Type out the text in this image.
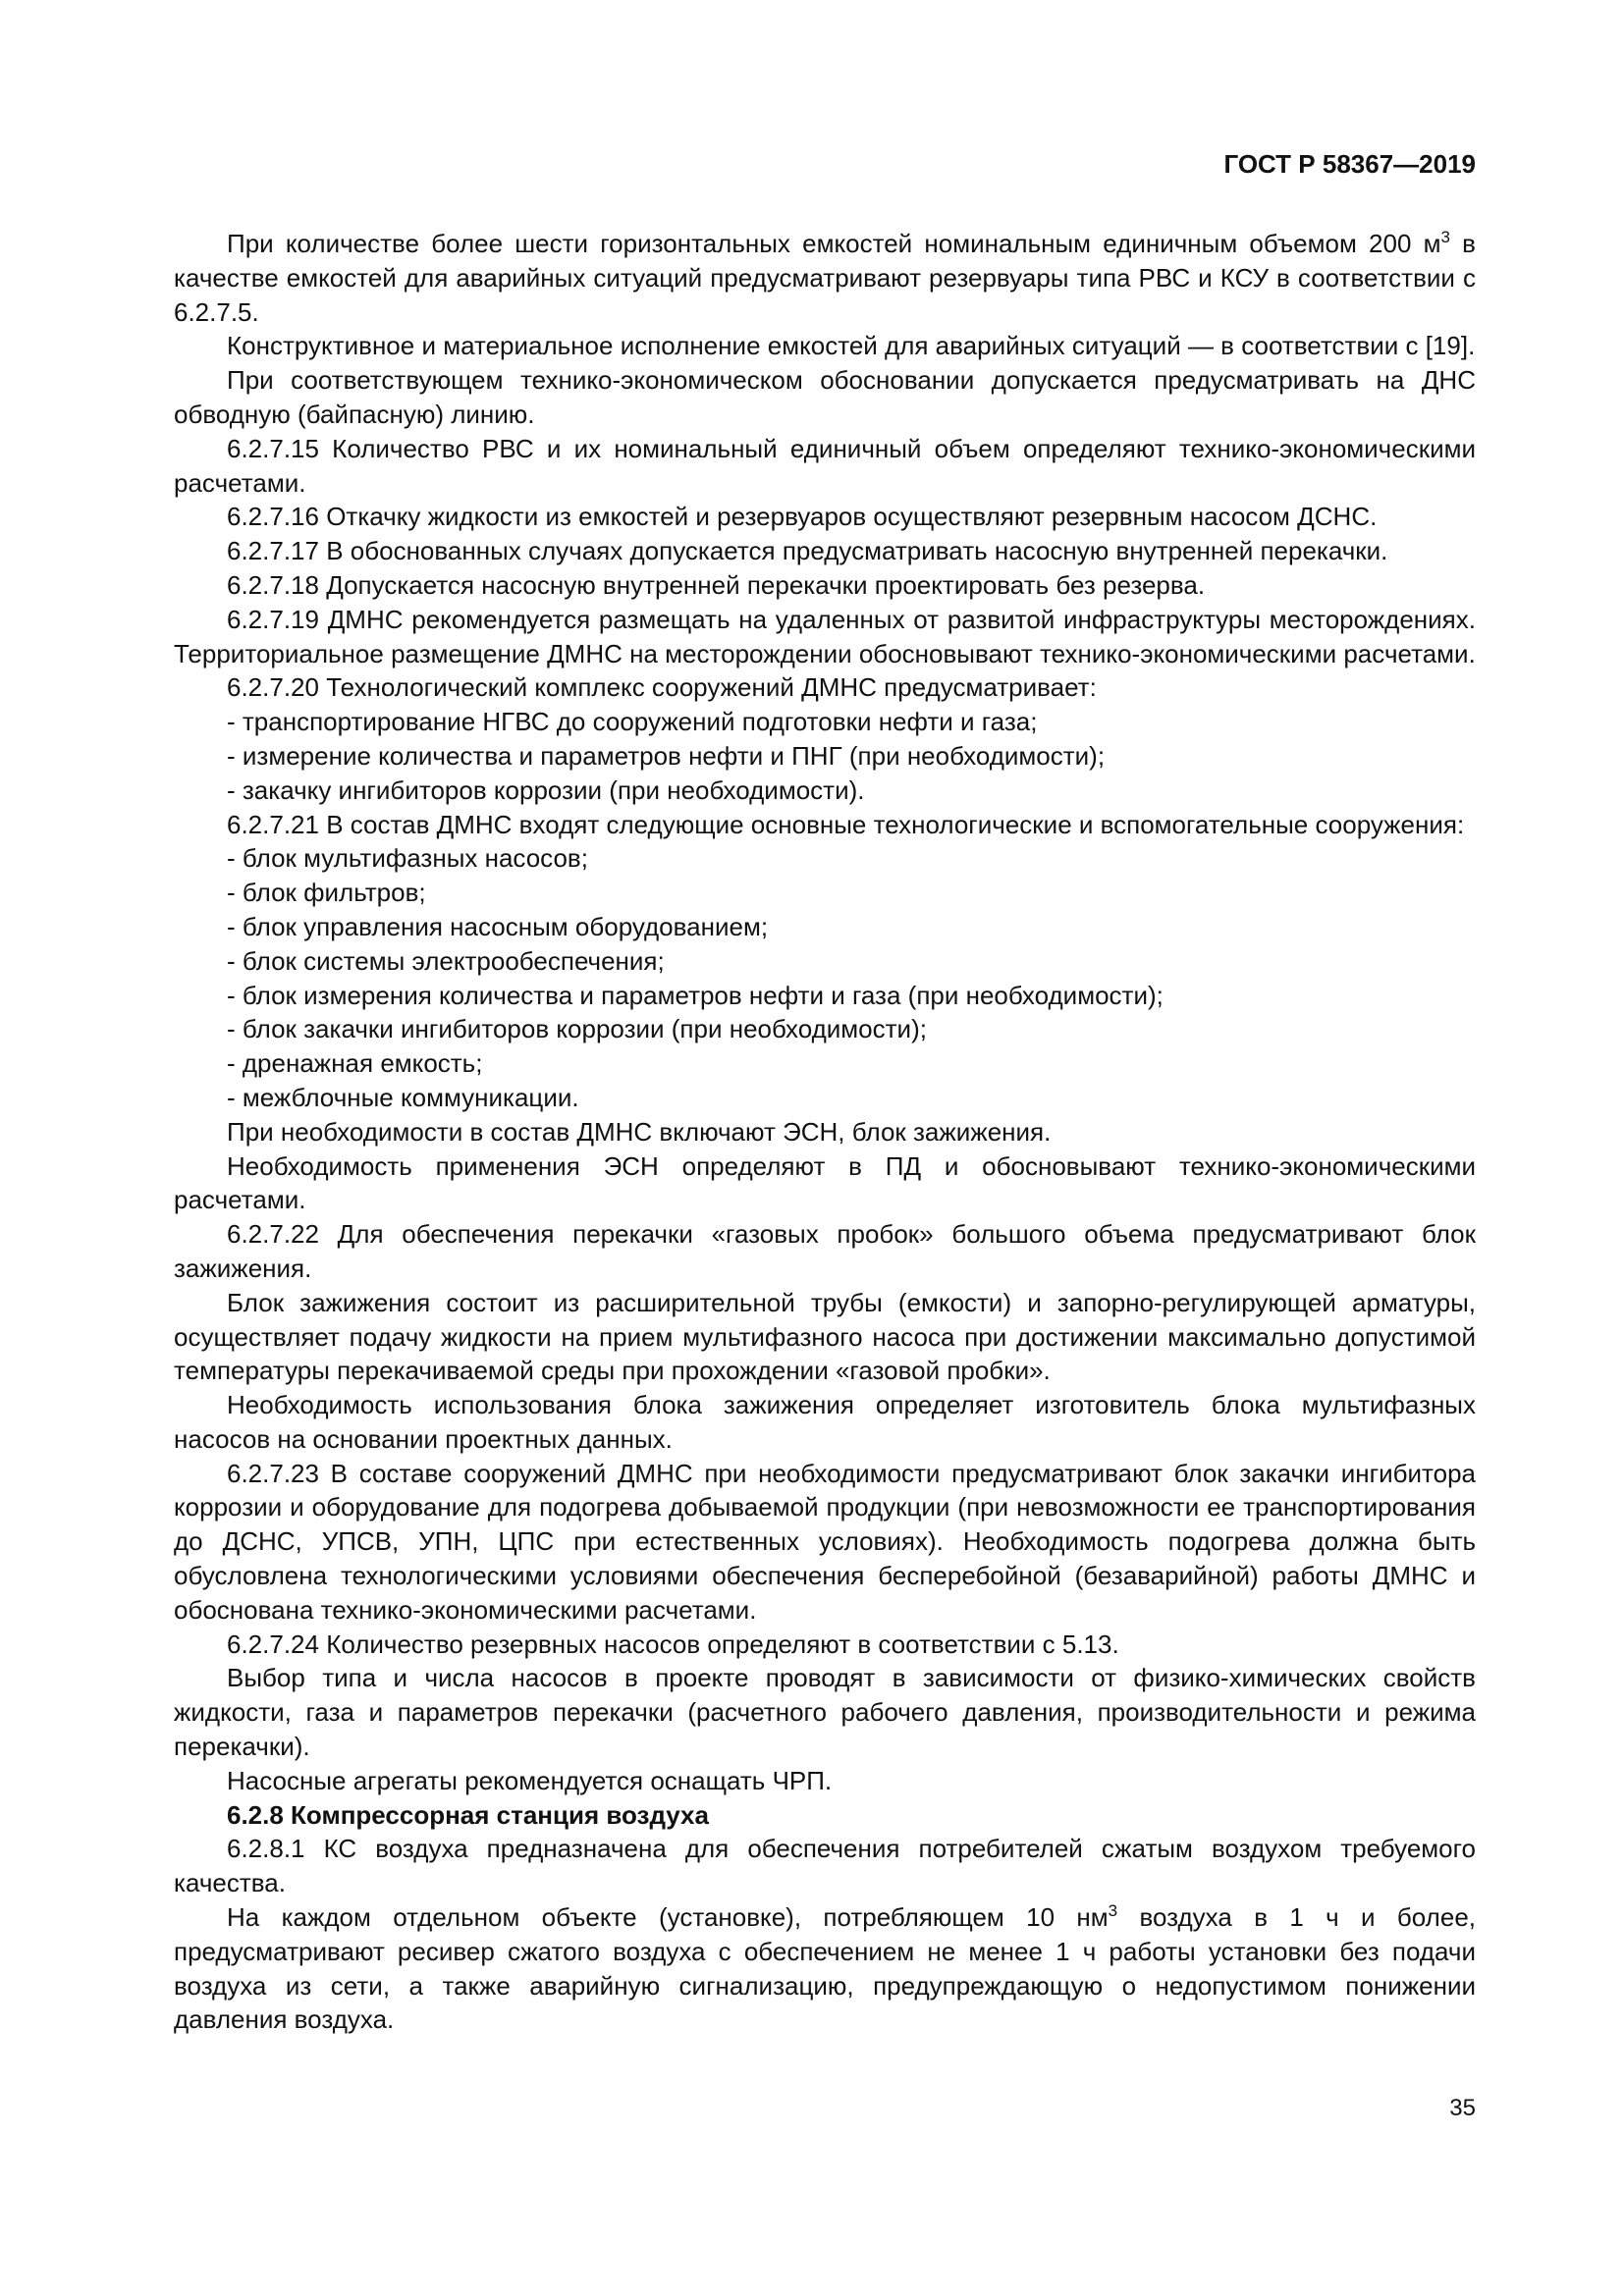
ГОСТ Р 58367—2019

При количестве более шести горизонтальных емкостей номинальным единичным объемом 200 $м^3$ в качестве емкостей для аварийных ситуаций предусматривают резервуары типа РВС и КСУ в соответствии с 6.2.7.5.

Конструктивное и материальное исполнение емкостей для аварийных ситуаций — в соответствии с [19].

При соответствующем технико-экономическом обосновании допускается предусматривать на ДНС обводную (байпасную) линию.

6.2.7.15 Количество РВС и их номинальный единичный объем определяют технико-экономическими расчетами.

6.2.7.16 Откачку жидкости из емкостей и резервуаров осуществляют резервным насосом ДСНС.

6.2.7.17 В обоснованных случаях допускается предусматривать насосную внутренней перекачки.

6.2.7.18 Допускается насосную внутренней перекачки проектировать без резерва.

6.2.7.19 ДМНС рекомендуется размещать на удаленных от развитой инфраструктуры месторождениях. Территориальное размещение ДМНС на месторождении обосновывают технико-экономическими расчетами.

6.2.7.20 Технологический комплекс сооружений ДМНС предусматривает:

- транспортирование НГВС до сооружений подготовки нефти и газа;
- измерение количества и параметров нефти и ПНГ (при необходимости);
- закачку ингибиторов коррозии (при необходимости).

6.2.7.21 В состав ДМНС входят следующие основные технологические и вспомогательные сооружения:

- блок мультифазных насосов;
- блок фильтров;
- блок управления насосным оборудованием;
- блок системы электрообеспечения;
- блок измерения количества и параметров нефти и газа (при необходимости);
- блок закачки ингибиторов коррозии (при необходимости);
- дренажная емкость;
- межблочные коммуникации.

При необходимости в состав ДМНС включают ЭСН, блок зажижения.

Необходимость применения ЭСН определяют в ПД и обосновывают технико-экономическими расчетами.

6.2.7.22 Для обеспечения перекачки «газовых пробок» большого объема предусматривают блок зажижения.

Блок зажижения состоит из расширительной трубы (емкости) и запорно-регулирующей арматуры, осуществляет подачу жидкости на прием мультифазного насоса при достижении максимально допустимой температуры перекачиваемой среды при прохождении «газовой пробки».

Необходимость использования блока зажижения определяет изготовитель блока мультифазных насосов на основании проектных данных.

6.2.7.23 В составе сооружений ДМНС при необходимости предусматривают блок закачки ингибитора коррозии и оборудование для подогрева добываемой продукции (при невозможности ее транспортирования до ДСНС, УПСВ, УПН, ЦПС при естественных условиях). Необходимость подогрева должна быть обусловлена технологическими условиями обеспечения бесперебойной (безаварийной) работы ДМНС и обоснована технико-экономическими расчетами.

6.2.7.24 Количество резервных насосов определяют в соответствии с 5.13.

Выбор типа и числа насосов в проекте проводят в зависимости от физико-химических свойств жидкости, газа и параметров перекачки (расчетного рабочего давления, производительности и режима перекачки).

Насосные агрегаты рекомендуется оснащать ЧРП.

6.2.8 Компрессорная станция воздуха

6.2.8.1 КС воздуха предназначена для обеспечения потребителей сжатым воздухом требуемого качества.

На каждом отдельном объекте (установке), потребляющем 10 $нм^3$ воздуха в 1 ч и более, предусматривают ресивер сжатого воздуха с обеспечением не менее 1 ч работы установки без подачи воздуха из сети, а также аварийную сигнализацию, предупреждающую о недопустимом понижении давления воздуха.

35
